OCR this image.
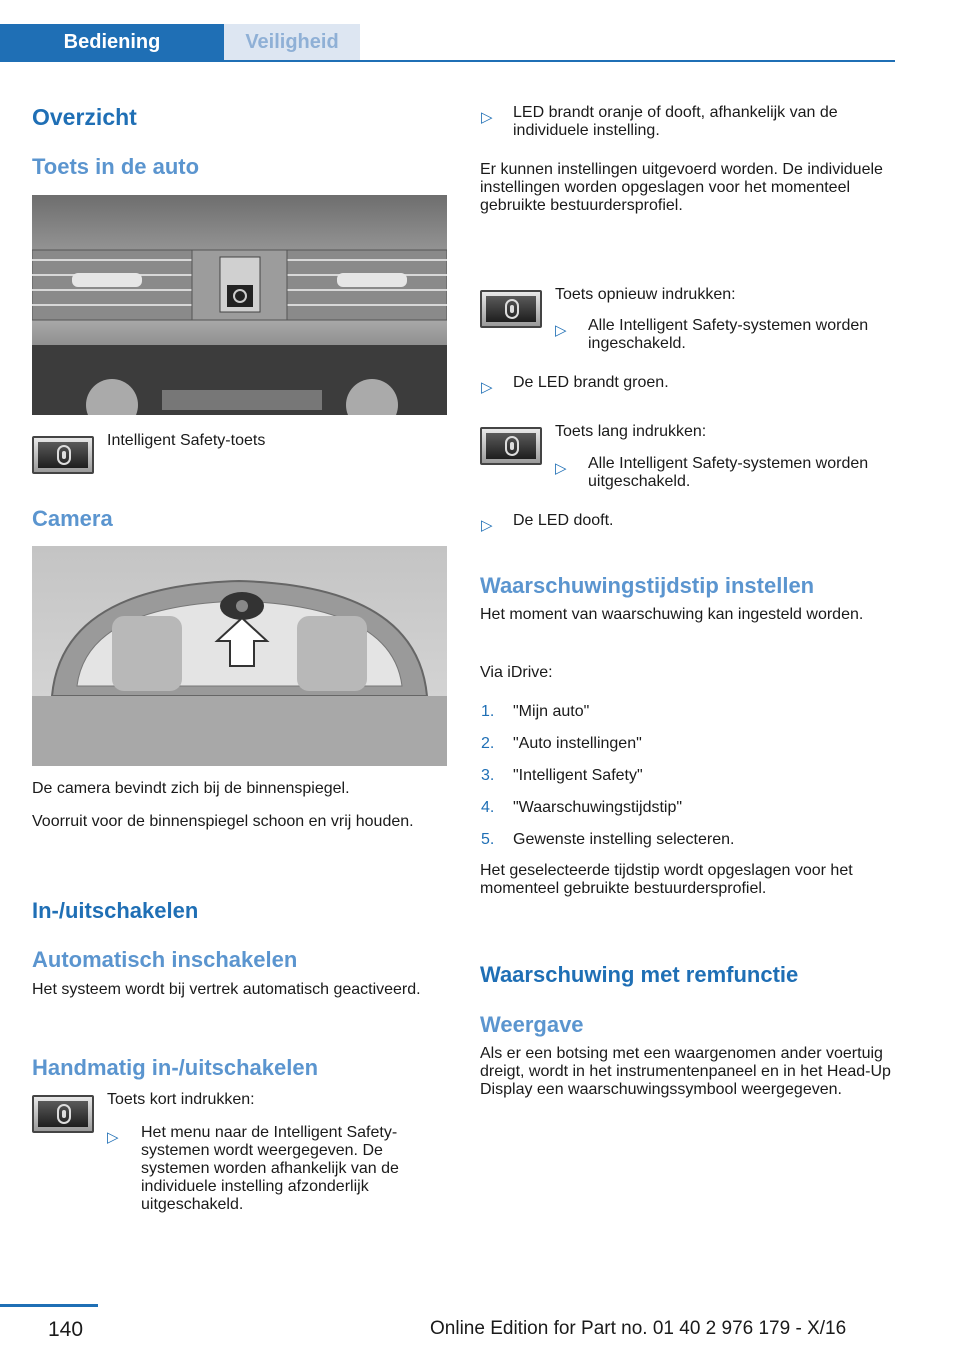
Bediening	Veiligheid
Overzicht
Toets in de auto
Intelligent Safety-toets
Camera
De camera bevindt zich bij de binnenspiegel.
Voorruit voor de binnenspiegel schoon en vrij houden.
In-/uitschakelen
Automatisch inschakelen
Het systeem wordt bij vertrek automatisch geactiveerd.
Handmatig in-/uitschakelen
Toets kort indrukken:
▷ Het menu naar de Intelligent Safety-systemen wordt weergegeven. De systemen worden afhankelijk van de individuele instelling afzonderlijk uitgeschakeld.
▷ LED brandt oranje of dooft, afhankelijk van de individuele instelling.
Er kunnen instellingen uitgevoerd worden. De individuele instellingen worden opgeslagen voor het momenteel gebruikte bestuurdersprofiel.
Toets opnieuw indrukken:
▷ Alle Intelligent Safety-systemen worden ingeschakeld.
▷ De LED brandt groen.
Toets lang indrukken:
▷ Alle Intelligent Safety-systemen worden uitgeschakeld.
▷ De LED dooft.
Waarschuwingstijdstip instellen
Het moment van waarschuwing kan ingesteld worden.
Via iDrive:
1. "Mijn auto"
2. "Auto instellingen"
3. "Intelligent Safety"
4. "Waarschuwingstijdstip"
5. Gewenste instelling selecteren.
Het geselecteerde tijdstip wordt opgeslagen voor het momenteel gebruikte bestuurdersprofiel.
Waarschuwing met remfunctie
Weergave
Als er een botsing met een waargenomen ander voertuig dreigt, wordt in het instrumentenpaneel en in het Head-Up Display een waarschuwingssymbool weergegeven.
140	Online Edition for Part no. 01 40 2 976 179 - X/16
